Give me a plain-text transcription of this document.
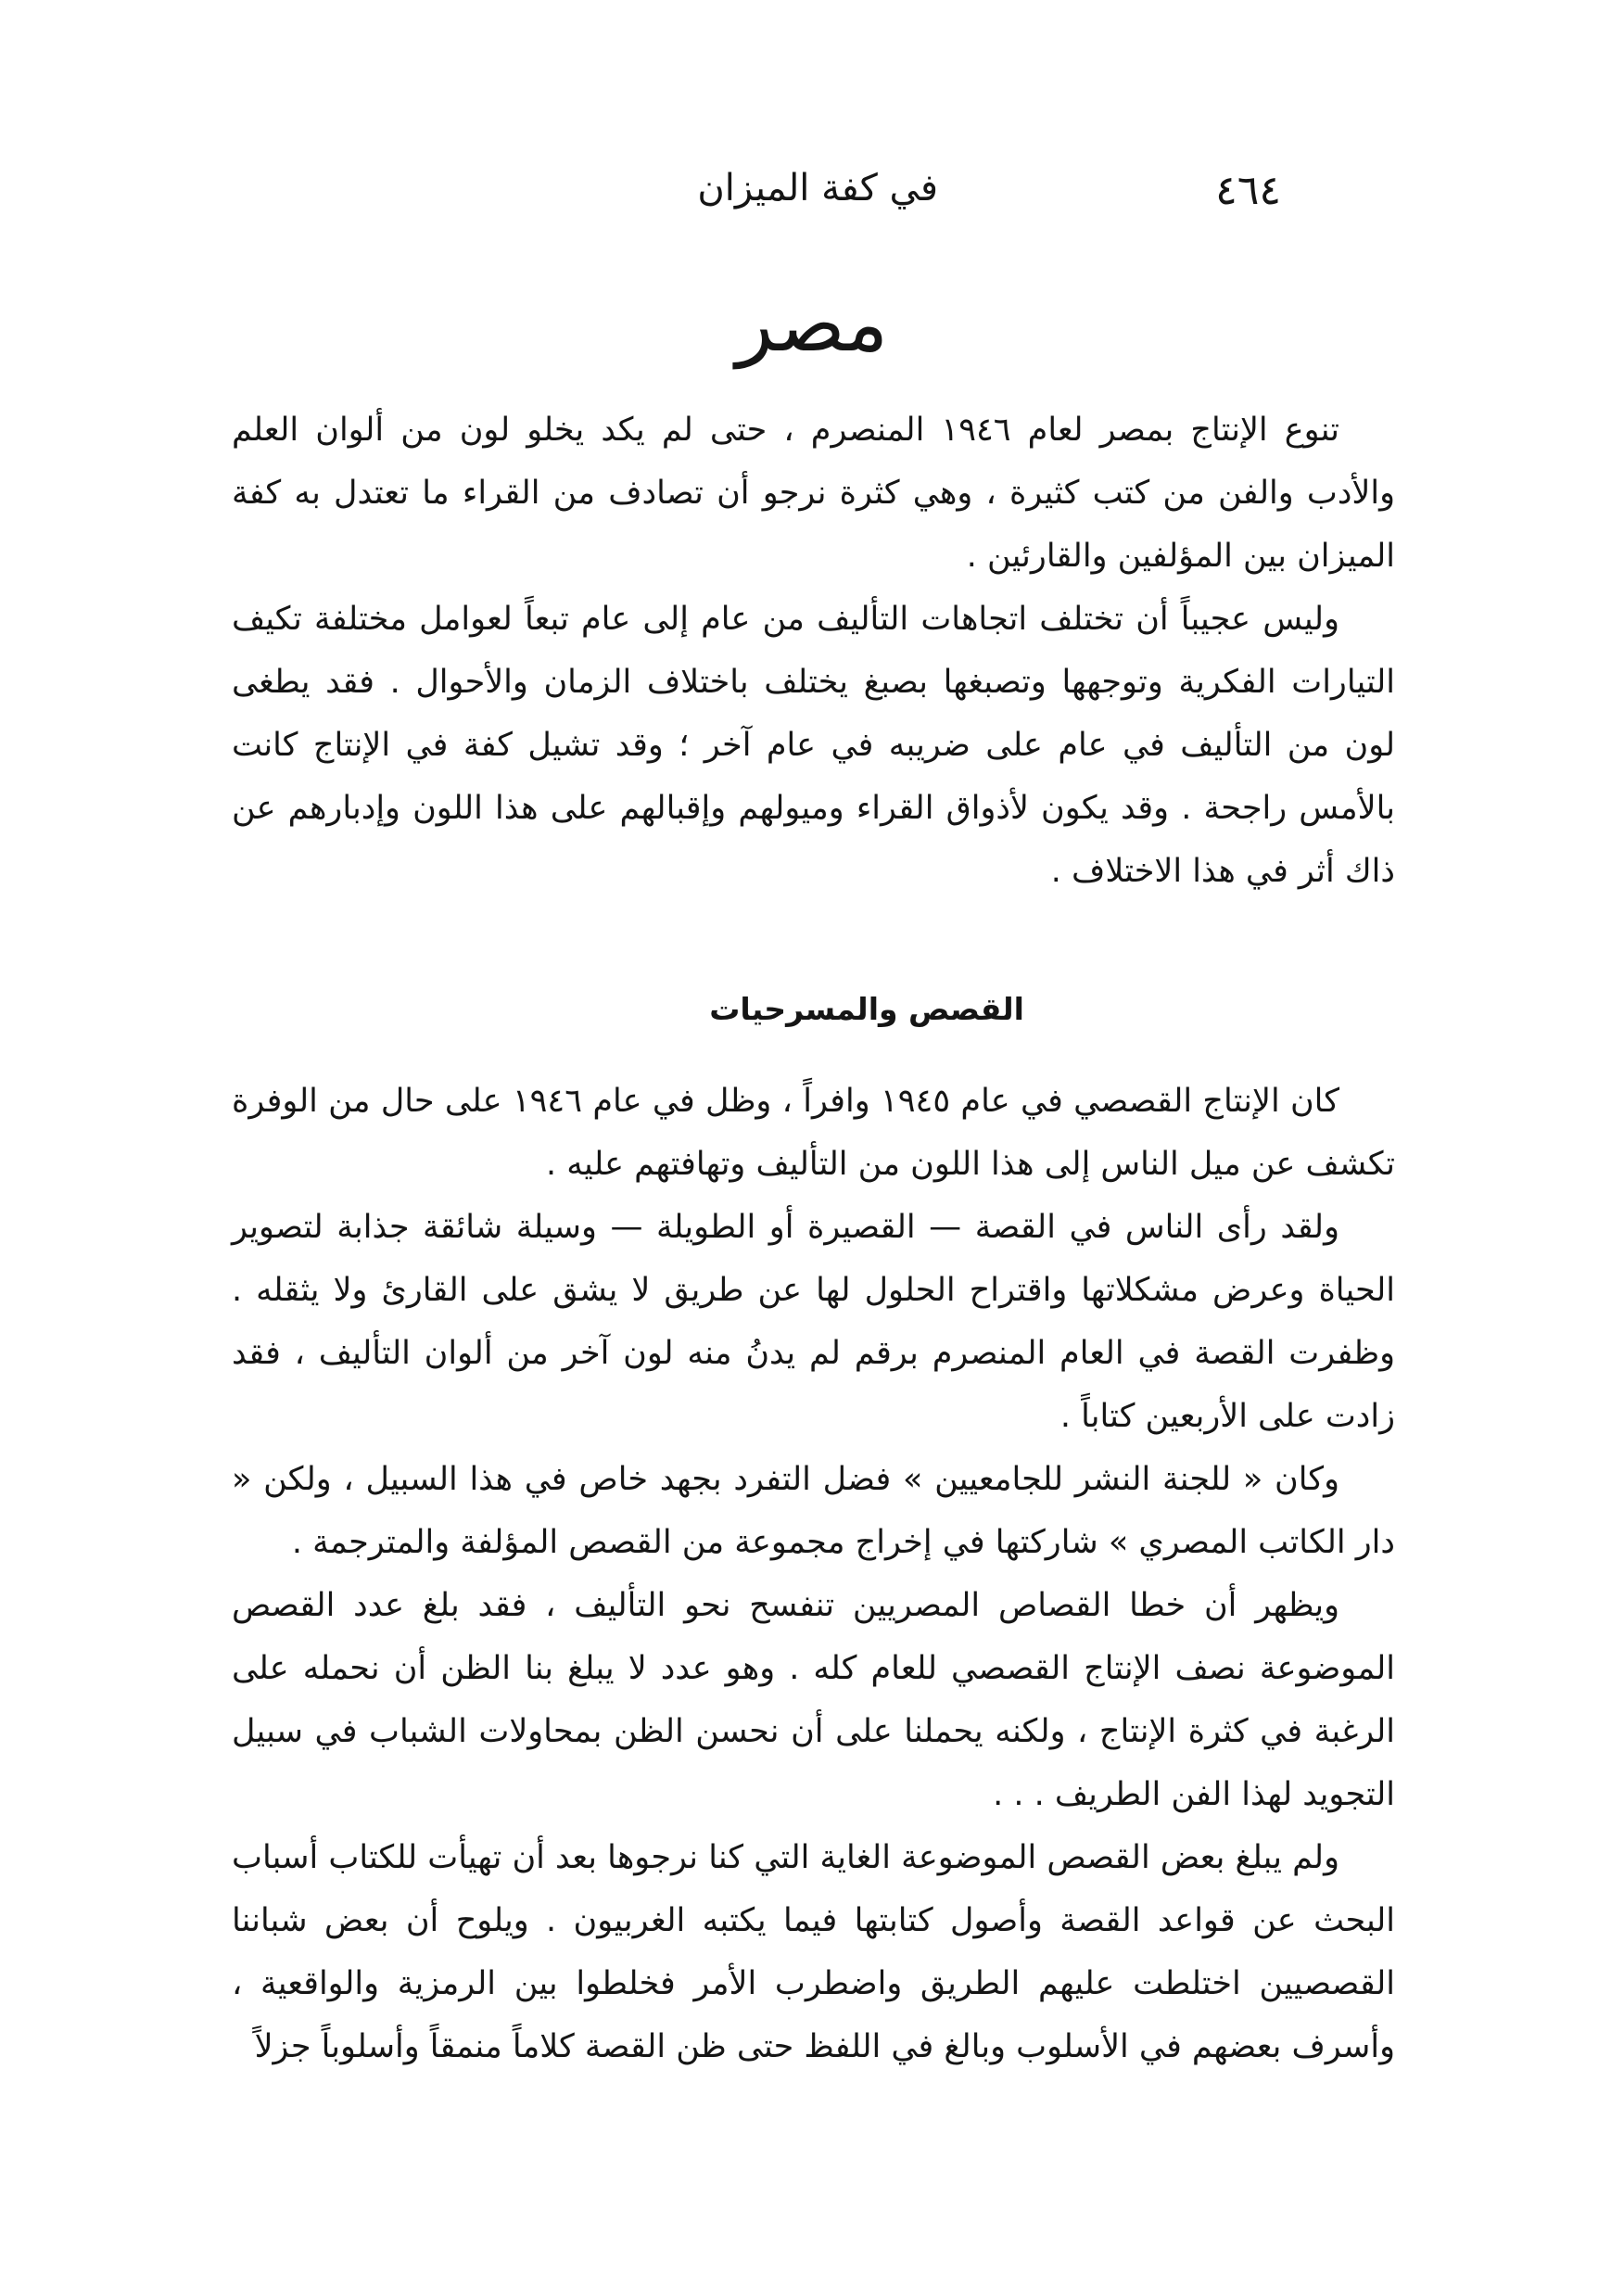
٤٦٤
في كفة الميزان
مصر

تنوع الإنتاج بمصر لعام ١٩٤٦ المنصرم ، حتى لم يكد يخلو لون من ألوان العلم والأدب والفن من كتب كثيرة ، وهي كثرة نرجو أن تصادف من القراء ما تعتدل به كفة الميزان بين المؤلفين والقارئين .

وليس عجيباً أن تختلف اتجاهات التأليف من عام إلى عام تبعاً لعوامل مختلفة تكيف التيارات الفكرية وتوجهها وتصبغها بصبغ يختلف باختلاف الزمان والأحوال . فقد يطغى لون من التأليف في عام على ضريبه في عام آخر ؛ وقد تشيل كفة في الإنتاج كانت بالأمس راجحة . وقد يكون لأذواق القراء وميولهم وإقبالهم على هذا اللون وإدبارهم عن ذاك أثر في هذا الاختلاف .

القصص والمسرحيات

كان الإنتاج القصصي في عام ١٩٤٥ وافراً ، وظل في عام ١٩٤٦ على حال من الوفرة تكشف عن ميل الناس إلى هذا اللون من التأليف وتهافتهم عليه .

ولقد رأى الناس في القصة — القصيرة أو الطويلة — وسيلة شائقة جذابة لتصوير الحياة وعرض مشكلاتها واقتراح الحلول لها عن طريق لا يشق على القارئ ولا يثقله . وظفرت القصة في العام المنصرم برقم لم يدنُ منه لون آخر من ألوان التأليف ، فقد زادت على الأربعين كتاباً .

وكان « للجنة النشر للجامعيين » فضل التفرد بجهد خاص في هذا السبيل ، ولكن « دار الكاتب المصري » شاركتها في إخراج مجموعة من القصص المؤلفة والمترجمة .

ويظهر أن خطا القصاص المصريين تنفسح نحو التأليف ، فقد بلغ عدد القصص الموضوعة نصف الإنتاج القصصي للعام كله . وهو عدد لا يبلغ بنا الظن أن نحمله على الرغبة في كثرة الإنتاج ، ولكنه يحملنا على أن نحسن الظن بمحاولات الشباب في سبيل التجويد لهذا الفن الطريف . . .

ولم يبلغ بعض القصص الموضوعة الغاية التي كنا نرجوها بعد أن تهيأت للكتاب أسباب البحث عن قواعد القصة وأصول كتابتها فيما يكتبه الغربيون . ويلوح أن بعض شباننا القصصيين اختلطت عليهم الطريق واضطرب الأمر فخلطوا بين الرمزية والواقعية ، وأسرف بعضهم في الأسلوب وبالغ في اللفظ حتى ظن القصة كلاماً منمقاً وأسلوباً جزلاً
